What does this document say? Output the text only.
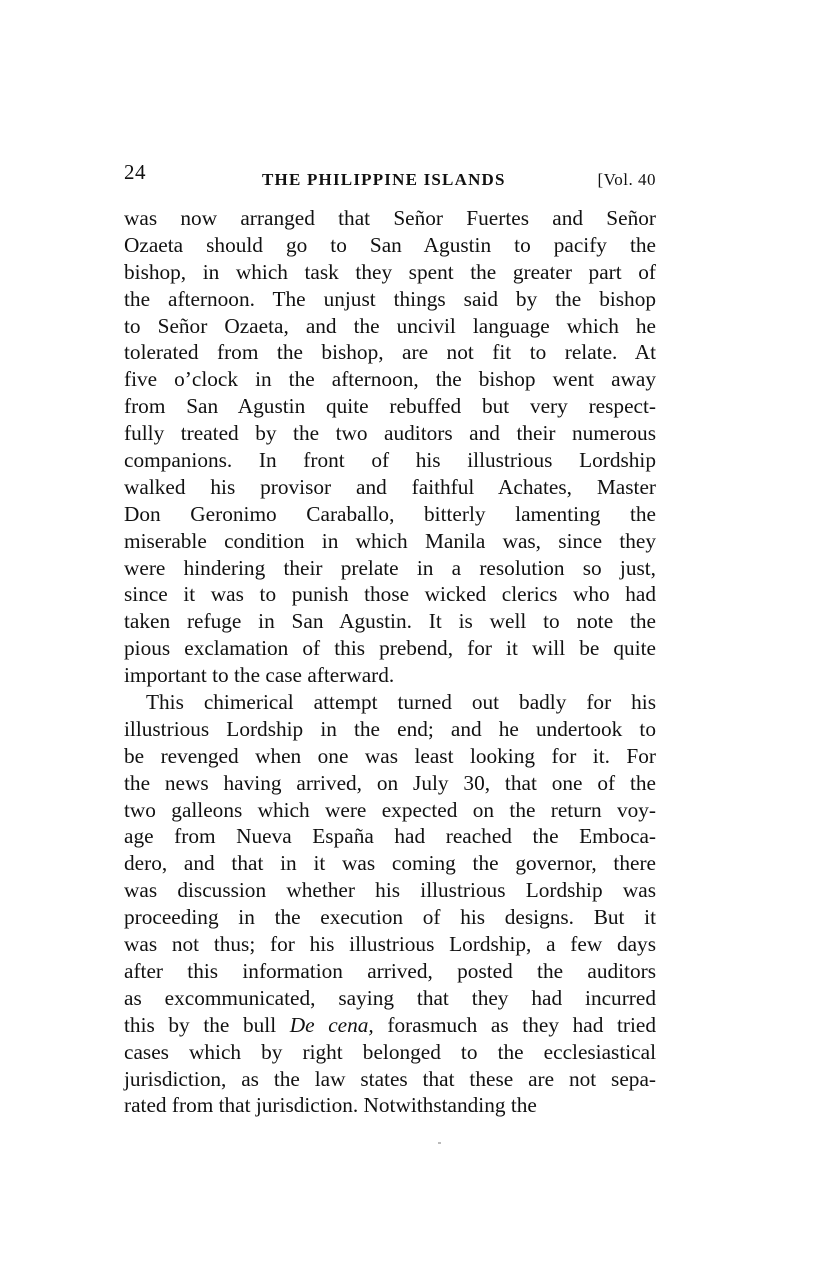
24	THE PHILIPPINE ISLANDS	[Vol. 40
was now arranged that Señor Fuertes and Señor
Ozaeta should go to San Agustin to pacify the
bishop, in which task they spent the greater part of
the afternoon. The unjust things said by the bishop
to Señor Ozaeta, and the uncivil language which he
tolerated from the bishop, are not fit to relate. At
five o’clock in the afternoon, the bishop went away
from San Agustin quite rebuffed but very respect-
fully treated by the two auditors and their numerous
companions. In front of his illustrious Lordship
walked his provisor and faithful Achates, Master
Don Geronimo Caraballo, bitterly lamenting the
miserable condition in which Manila was, since they
were hindering their prelate in a resolution so just,
since it was to punish those wicked clerics who had
taken refuge in San Agustin. It is well to note the
pious exclamation of this prebend, for it will be quite
important to the case afterward.
This chimerical attempt turned out badly for his
illustrious Lordship in the end; and he undertook to
be revenged when one was least looking for it. For
the news having arrived, on July 30, that one of the
two galleons which were expected on the return voy-
age from Nueva España had reached the Emboca-
dero, and that in it was coming the governor, there
was discussion whether his illustrious Lordship was
proceeding in the execution of his designs. But it
was not thus; for his illustrious Lordship, a few days
after this information arrived, posted the auditors
as excommunicated, saying that they had incurred
this by the bull De cena, forasmuch as they had tried
cases which by right belonged to the ecclesiastical
jurisdiction, as the law states that these are not sepa-
rated from that jurisdiction. Notwithstanding the
